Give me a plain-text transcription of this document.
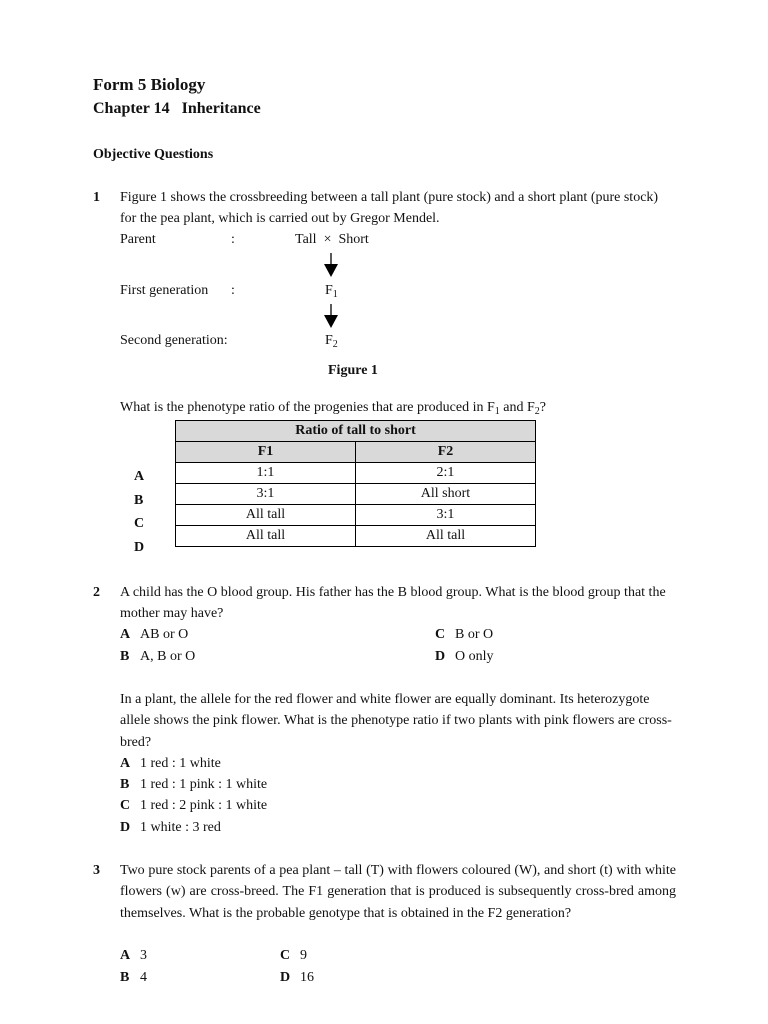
Form 5 Biology
Chapter 14   Inheritance
Objective Questions
1 Figure 1 shows the crossbreeding between a tall plant (pure stock) and a short plant (pure stock) for the pea plant, which is carried out by Gregor Mendel.
Parent	:	Tall  ×  Short
First generation :	$F_1$
Second generation:	$F_2$
Figure 1
What is the phenotype ratio of the progenies that are produced in $F_1$ and $F_2$?
Ratio of tall to short	
F1	F2
1:1	2:1
3:1	All short
All tall	3:1
All tall	All tall
A
B
C
D
2 A child has the O blood group. His father has the B blood group. What is the blood group that the mother may have?
A AB or O
B A, B or O
C B or O
D O only
In a plant, the allele for the red flower and white flower are equally dominant. Its heterozygote allele shows the pink flower. What is the phenotype ratio if two plants with pink flowers are cross-bred?
A 1 red : 1 white
B 1 red : 1 pink : 1 white
C 1 red : 2 pink : 1 white
D 1 white : 3 red
3 Two pure stock parents of a pea plant – tall (T) with flowers coloured (W), and short (t) with white flowers (w) are cross-breed. The F1 generation that is produced is subsequently cross-bred among themselves. What is the probable genotype that is obtained in the F2 generation?
A 3
B 4
C 9
D 16
